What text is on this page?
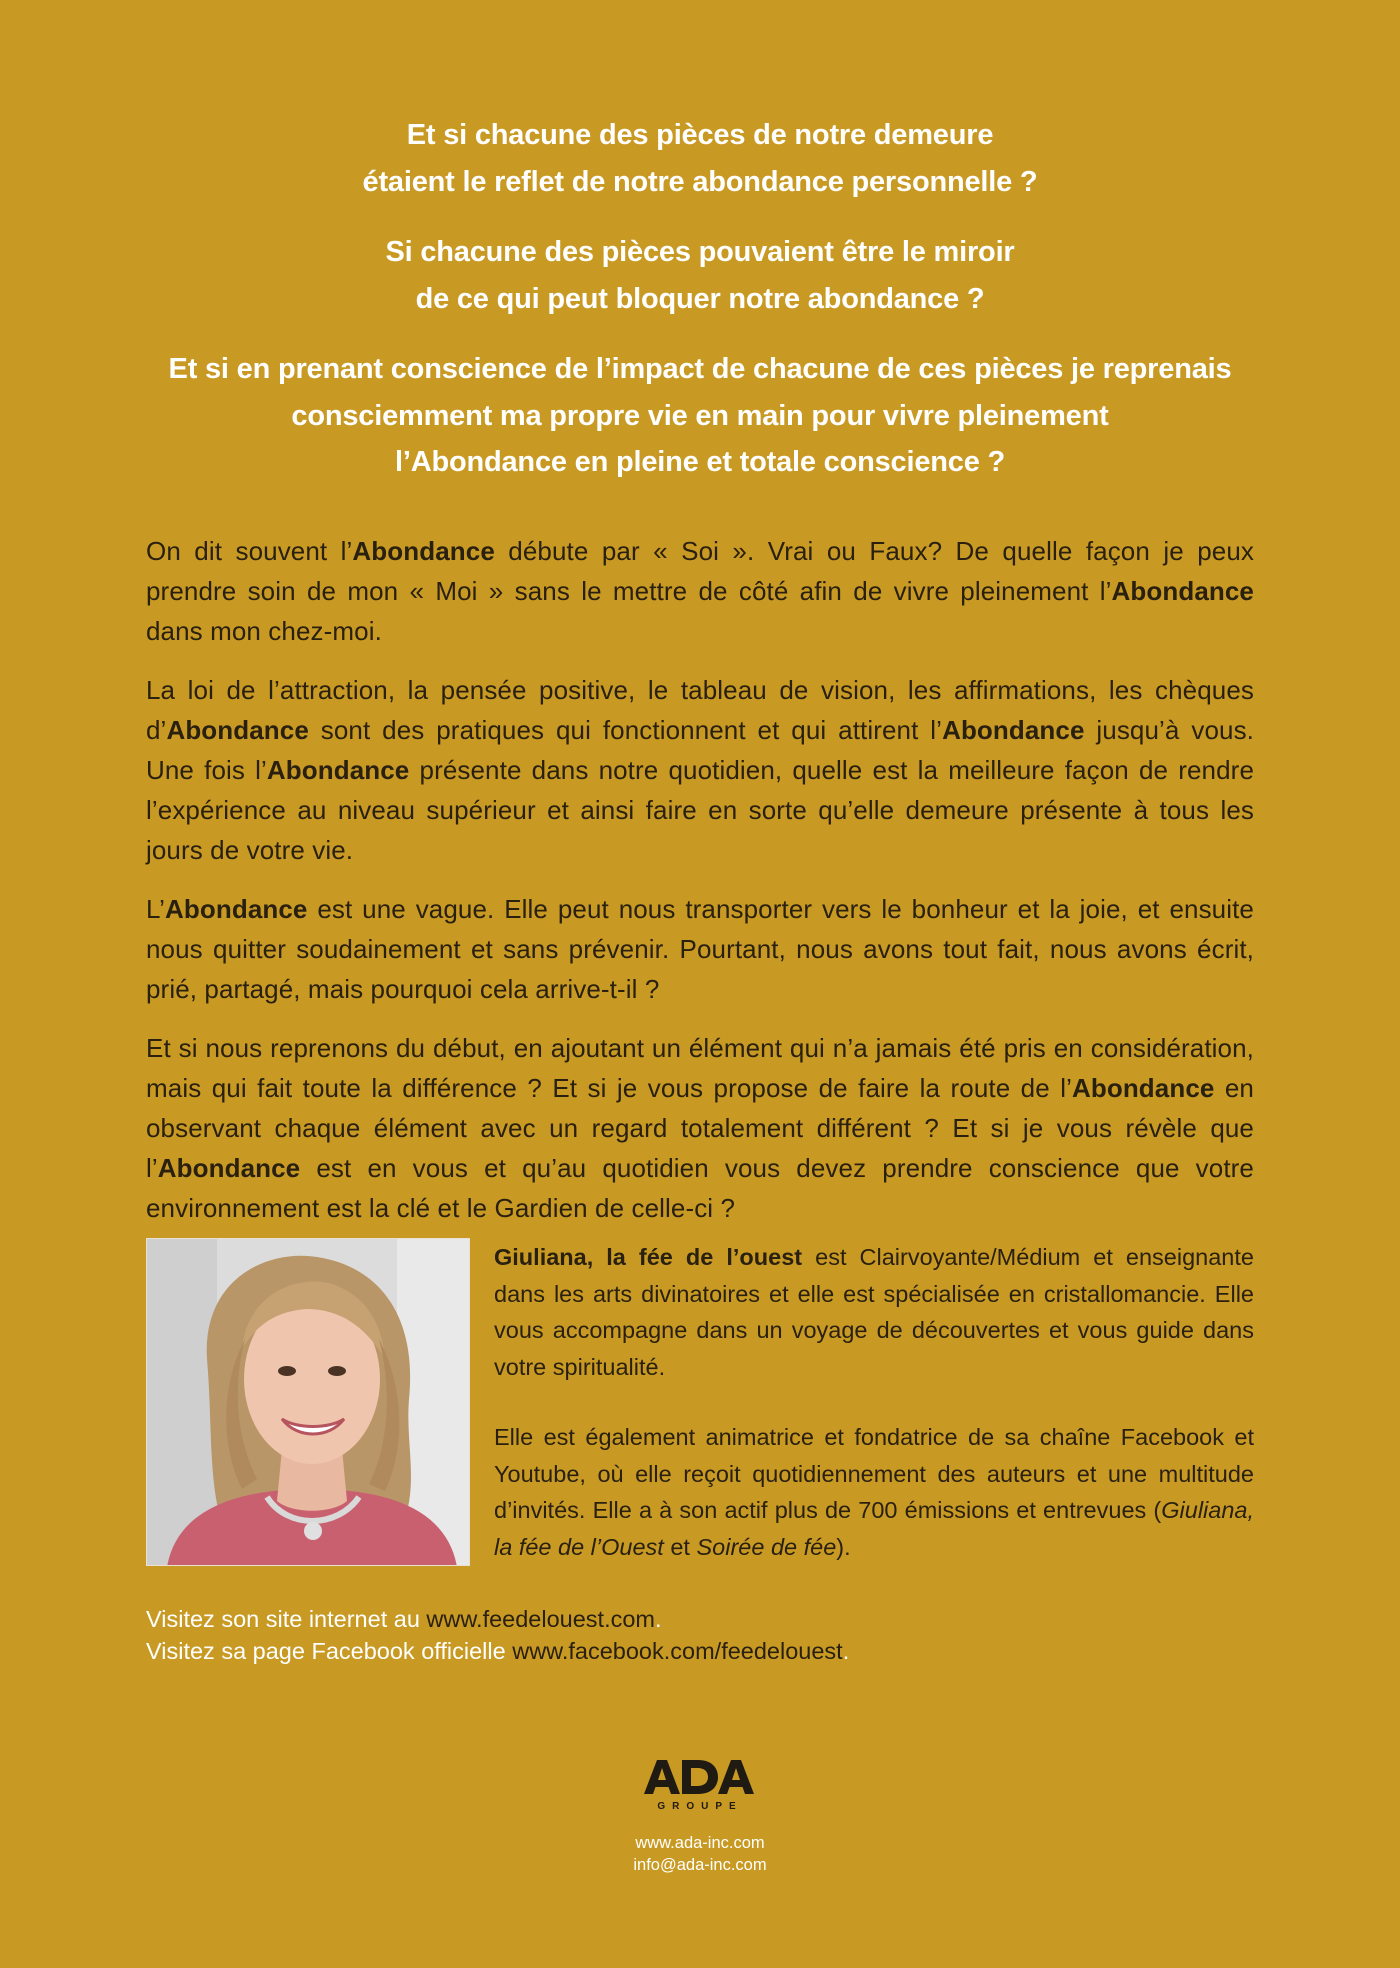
Et si chacune des pièces de notre demeure
étaient le reflet de notre abondance personnelle ?

Si chacune des pièces pouvaient être le miroir
de ce qui peut bloquer notre abondance ?

Et si en prenant conscience de l’impact de chacune de ces pièces je reprenais
consciemment ma propre vie en main pour vivre pleinement
l’Abondance en pleine et totale conscience ?

On dit souvent l’Abondance débute par « Soi ». Vrai ou Faux? De quelle façon je peux prendre soin de mon « Moi » sans le mettre de côté afin de vivre pleinement l’Abondance dans mon chez-moi.

La loi de l’attraction, la pensée positive, le tableau de vision, les affirmations, les chèques d’Abondance sont des pratiques qui fonctionnent et qui attirent l’Abondance jusqu’à vous. Une fois l’Abondance présente dans notre quotidien, quelle est la meilleure façon de rendre l’expérience au niveau supérieur et ainsi faire en sorte qu’elle demeure présente à tous les jours de votre vie.

L’Abondance est une vague. Elle peut nous transporter vers le bonheur et la joie, et ensuite nous quitter soudainement et sans prévenir. Pourtant, nous avons tout fait, nous avons écrit, prié, partagé, mais pourquoi cela arrive-t-il ?

Et si nous reprenons du début, en ajoutant un élément qui n’a jamais été pris en considération, mais qui fait toute la différence ? Et si je vous propose de faire la route de l’Abondance en observant chaque élément avec un regard totalement différent ? Et si je vous révèle que l’Abondance est en vous et qu’au quotidien vous devez prendre conscience que votre environnement est la clé et le Gardien de celle-ci ?

Giuliana, la fée de l’ouest est Clairvoyante/Médium et enseignante dans les arts divinatoires et elle est spécialisée en cristallomancie. Elle vous accompagne dans un voyage de découvertes et vous guide dans votre spiritualité.

Elle est également animatrice et fondatrice de sa chaîne Facebook et Youtube, où elle reçoit quotidiennement des auteurs et une multitude d’invités. Elle a à son actif plus de 700 émissions et entrevues (Giuliana, la fée de l’Ouest et Soirée de fée).

Visitez son site internet au www.feedelouest.com.
Visitez sa page Facebook officielle www.facebook.com/feedelouest.
GROUPE
www.ada-inc.com
info@ada-inc.com
